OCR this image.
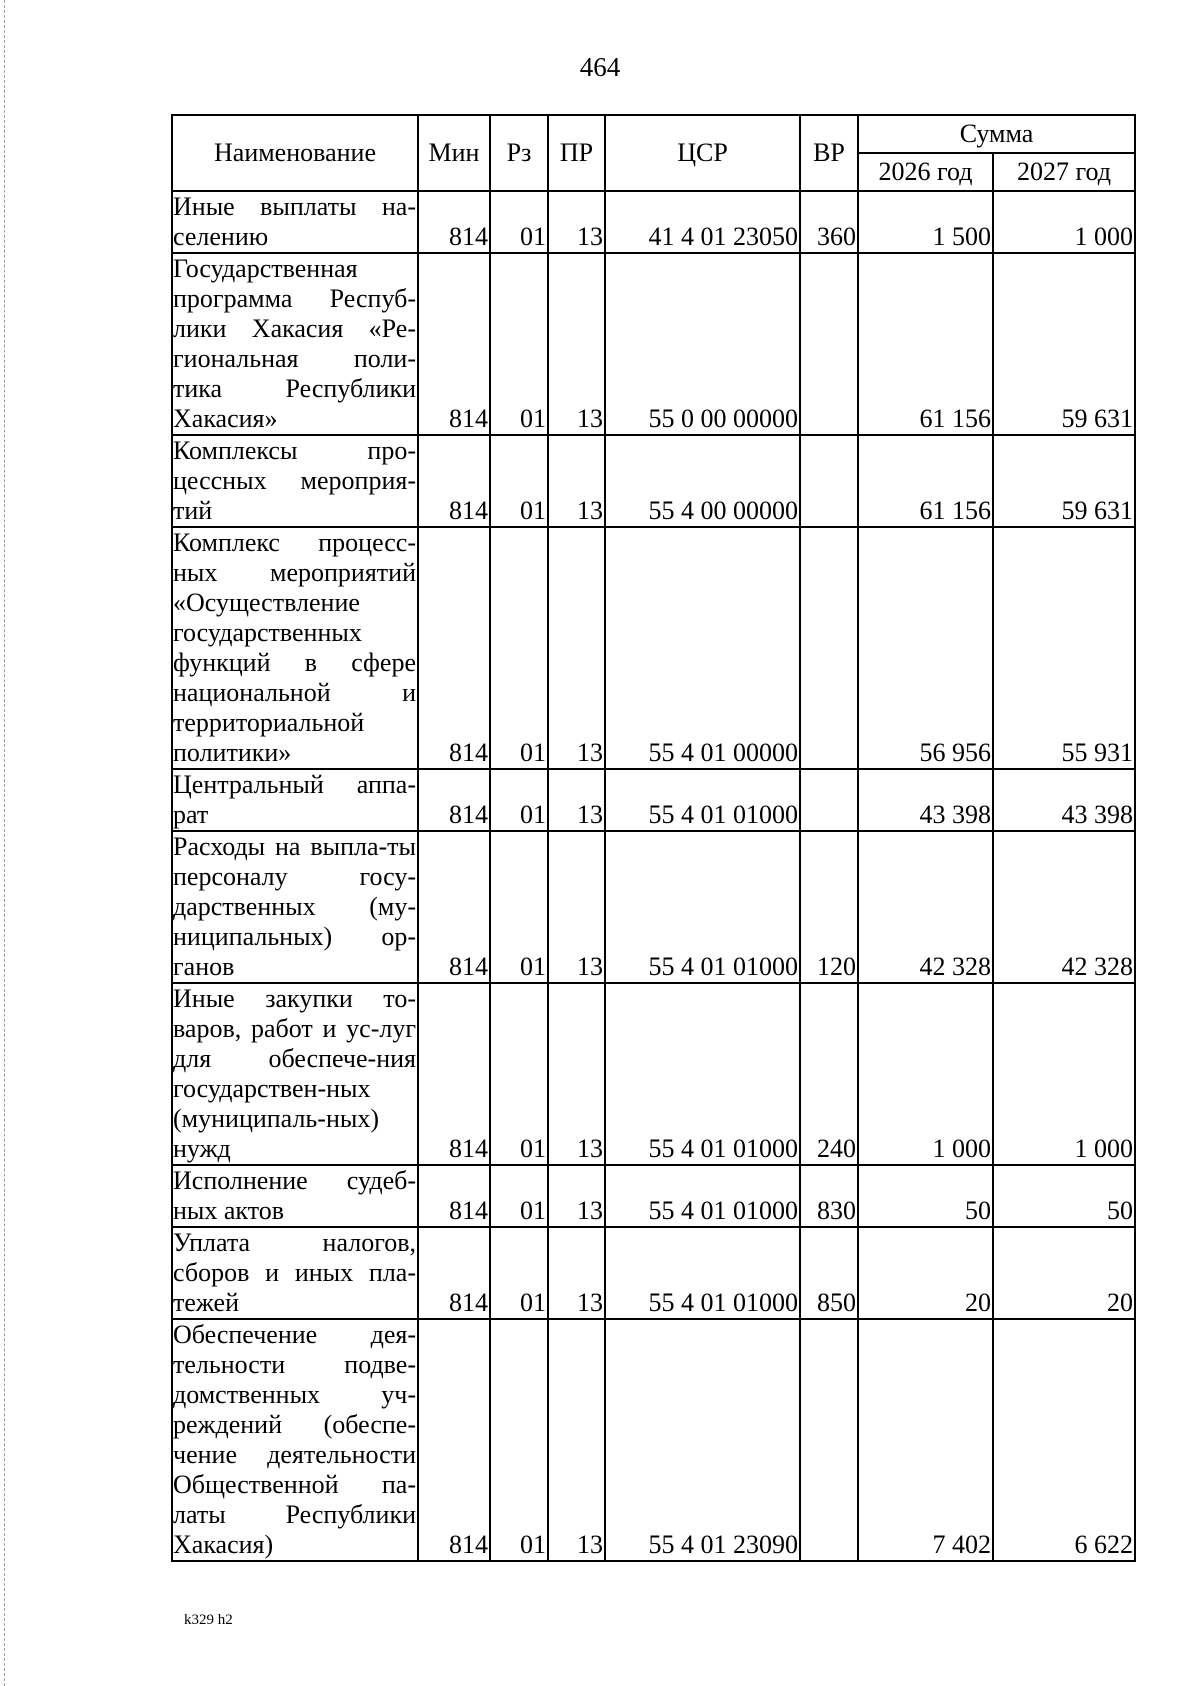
464
Наименование	Мин	Рз	ПР	ЦСР	ВР	Сумма	
						2026 год	2027 год
Иные выплаты на-селению	814	01	13	41 4 01 23050	360	1 500	1 000
Государственная программа Респуб-лики Хакасия «Ре-гиональная поли-тика Республики Хакасия»	814	01	13	55 0 00 00000		61 156	59 631
Комплексы про-цессных мероприя-тий	814	01	13	55 4 00 00000		61 156	59 631
Комплекс процесс-ных мероприятий «Осуществление государственных функций в сфере национальной и территориальной политики»	814	01	13	55 4 01 00000		56 956	55 931
Центральный аппа-рат	814	01	13	55 4 01 01000		43 398	43 398
Расходы на выпла-ты персоналу госу-дарственных (му-ниципальных) ор-ганов	814	01	13	55 4 01 01000	120	42 328	42 328
Иные закупки то-варов, работ и ус-луг для обеспече-ния государствен-ных (муниципаль-ных) нужд	814	01	13	55 4 01 01000	240	1 000	1 000
Исполнение судеб-ных актов	814	01	13	55 4 01 01000	830	50	50
Уплата налогов, сборов и иных пла-тежей	814	01	13	55 4 01 01000	850	20	20
Обеспечение дея-тельности подве-домственных уч-реждений (обеспе-чение деятельности Общественной па-латы Республики Хакасия)	814	01	13	55 4 01 23090		7 402	6 622
k329 h2
